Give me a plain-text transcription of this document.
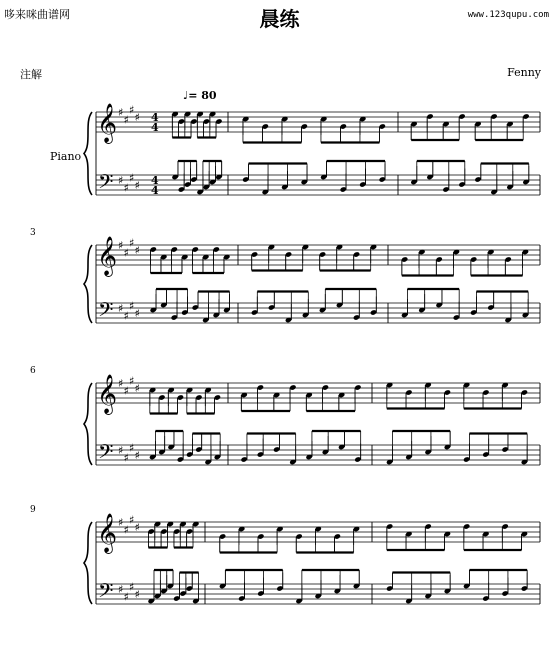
哆来咪曲谱网	www.123qupu.com
晨练
注解	Fenny
♩= 80
Piano
3
6
9
𝄞
𝄢
♯
♯
♯
♯
♯
♯
♯
♯
4
4
4
4
𝄞
𝄢
♯
♯
♯
♯
♯
♯
♯
♯
𝄞
𝄢
♯
♯
♯
♯
♯
♯
♯
♯
𝄞
𝄢
♯
♯
♯
♯
♯
♯
♯
♯
